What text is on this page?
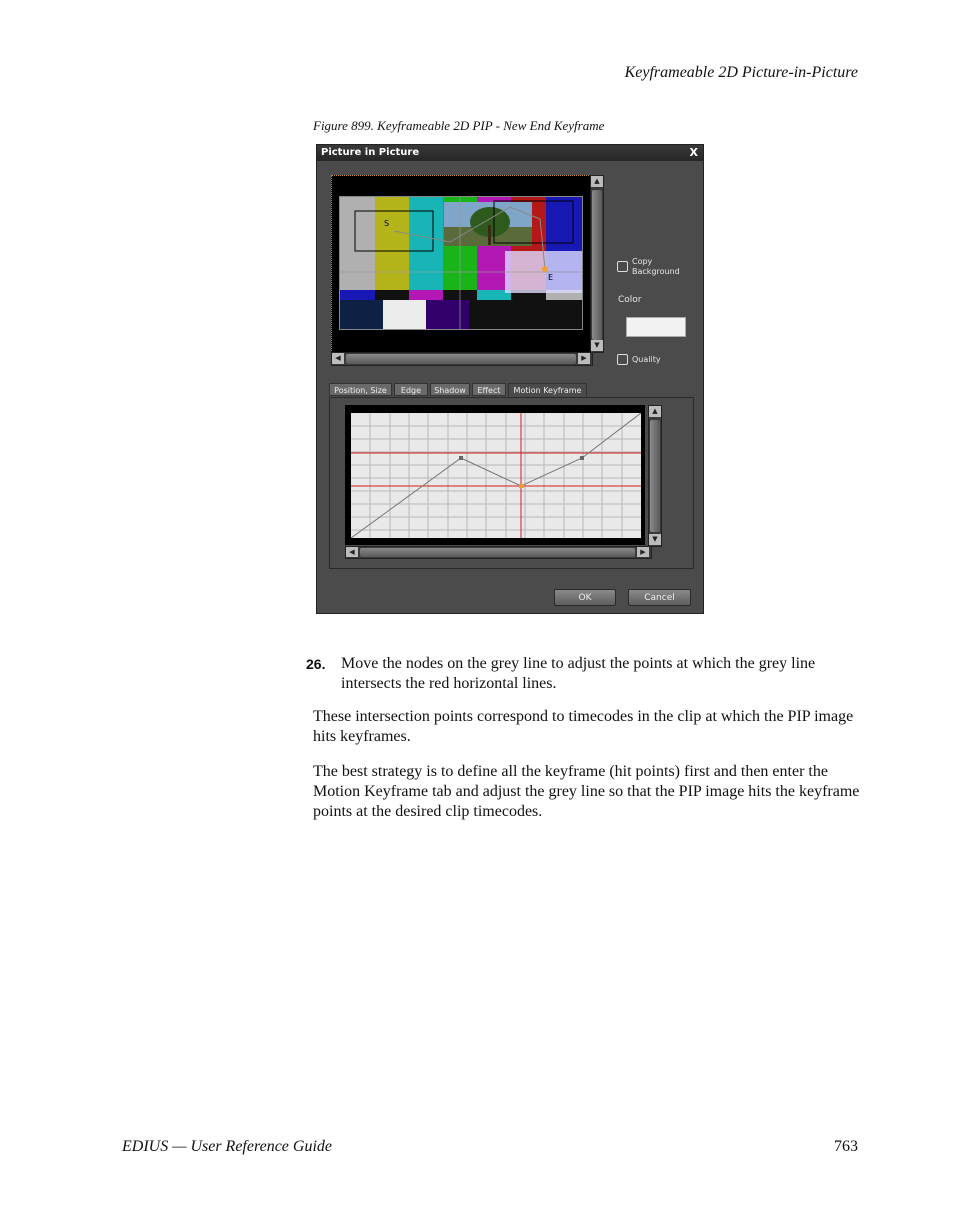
Keyframeable 2D Picture-in-Picture
Figure 899. Keyframeable 2D PIP - New End Keyframe
Picture in Picture	X
S
E
▲
▼
◀	▶
Copy
Background
Color
Quality
Position, Size	Edge	Shadow	Effect	Motion Keyframe
▲
▼
◀	▶
OK	Cancel
26. Move the nodes on the grey line to adjust the points at which the grey line intersects the red horizontal lines.
These intersection points correspond to timecodes in the clip at which the PIP image hits keyframes.
The best strategy is to define all the keyframe (hit points) first and then enter the Motion Keyframe tab and adjust the grey line so that the PIP image hits the keyframe points at the desired clip timecodes.
EDIUS — User Reference Guide	763
